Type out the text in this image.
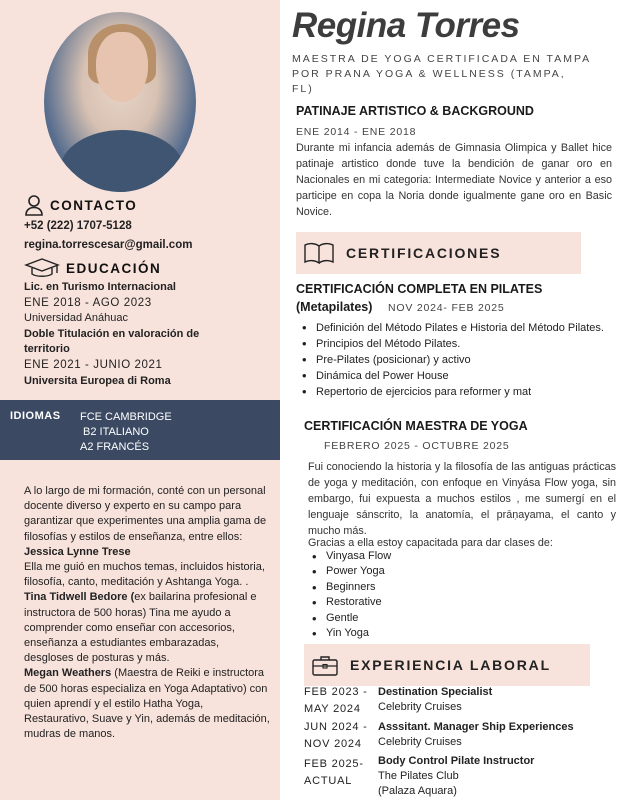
CONTACTO
+52 (222) 1707-5128
regina.torrescesar@gmail.com
EDUCACIÓN
Lic. en Turismo Internacional
ENE 2018 - AGO 2023
Universidad Anáhuac
Doble Titulación en valoración de territorio
ENE 2021 - JUNIO 2021
Universita Europea di Roma
IDIOMAS FCE CAMBRIDGE
B2 ITALIANO
A2 FRANCÉS
A lo largo de mi formación, conté con un personal docente diverso y experto en su campo para garantizar que experimentes una amplia gama de filosofías y estilos de enseñanza, entre ellos:
Jessica Lynne Trese
Ella me guió en muchos temas, incluidos historia, filosofía, canto, meditación y Ashtanga Yoga. .
Tina Tidwell Bedore (ex bailarina profesional e instructora de 500 horas) Tina me ayudo a comprender como enseñar con accesorios, enseñanza a estudiantes embarazadas, desgloses de posturas y más.
Megan Weathers (Maestra de Reiki e instructora de 500 horas especializa en Yoga Adaptativo) con quien aprendí y el estilo Hatha Yoga, Restaurativo, Suave y Yin, además de meditación, mudras de manos.
Regina Torres
MAESTRA DE YOGA CERTIFICADA EN TAMPA POR PRANA YOGA & WELLNESS (TAMPA, FL)
PATINAJE ARTISTICO & BACKGROUND
ENE 2014 - ENE 2018
Durante mi infancia además de Gimnasia Olimpica y Ballet hice patinaje artistico donde tuve la bendición de ganar oro en Nacionales en mi categoria: Intermediate Novice y anterior a eso participe en copa la Noria donde igualmente gane oro en Basic Novice.
CERTIFICACIONES
CERTIFICACIÓN COMPLETA EN PILATES
(Metapilates) NOV 2024- FEB 2025
• Definición del Método Pilates e Historia del Método Pilates.
• Principios del Método Pilates.
• Pre-Pilates (posicionar) y activo
• Dinámica del Power House
• Repertorio de ejercicios para reformer y mat
CERTIFICACIÓN MAESTRA DE YOGA
FEBRERO 2025 - OCTUBRE 2025
Fui conociendo la historia y la filosofía de las antiguas prácticas de yoga y meditación, con enfoque en Vinyása Flow yoga, sin embargo, fui expuesta a muchos estilos , me sumergí en el lenguaje sánscrito, la anatomía, el prāṇayama, el canto y mucho más.
Gracias a ella estoy capacitada para dar clases de:
• Vinyasa Flow
• Power Yoga
• Beginners
• Restorative
• Gentle
• Yin Yoga
EXPERIENCIA LABORAL
FEB 2023 -
MAY 2024
Destination Specialist
Celebrity Cruises
JUN 2024 -
NOV 2024
Asssitant. Manager Ship Experiences
Celebrity Cruises
FEB 2025-
ACTUAL
Body Control Pilate Instructor
The Pilates Club
(Palaza Aquara)
